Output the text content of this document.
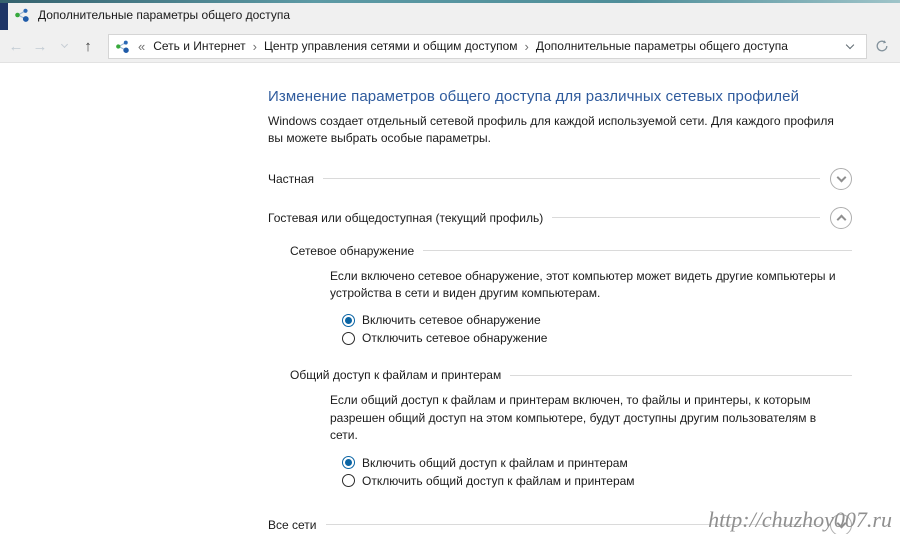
Дополнительные параметры общего доступа
← → ↑	« Сеть и Интернет › Центр управления сетями и общим доступом › Дополнительные параметры общего доступа
Изменение параметров общего доступа для различных сетевых профилей
Windows создает отдельный сетевой профиль для каждой используемой сети. Для каждого профиля вы можете выбрать особые параметры.
Частная
Гостевая или общедоступная (текущий профиль)
Сетевое обнаружение
Если включено сетевое обнаружение, этот компьютер может видеть другие компьютеры и устройства в сети и виден другим компьютерам.
Включить сетевое обнаружение
Отключить сетевое обнаружение
Общий доступ к файлам и принтерам
Если общий доступ к файлам и принтерам включен, то файлы и принтеры, к которым разрешен общий доступ на этом компьютере, будут доступны другим пользователям в сети.
Включить общий доступ к файлам и принтерам
Отключить общий доступ к файлам и принтерам
Все сети	http://chuzhoy007.ru
